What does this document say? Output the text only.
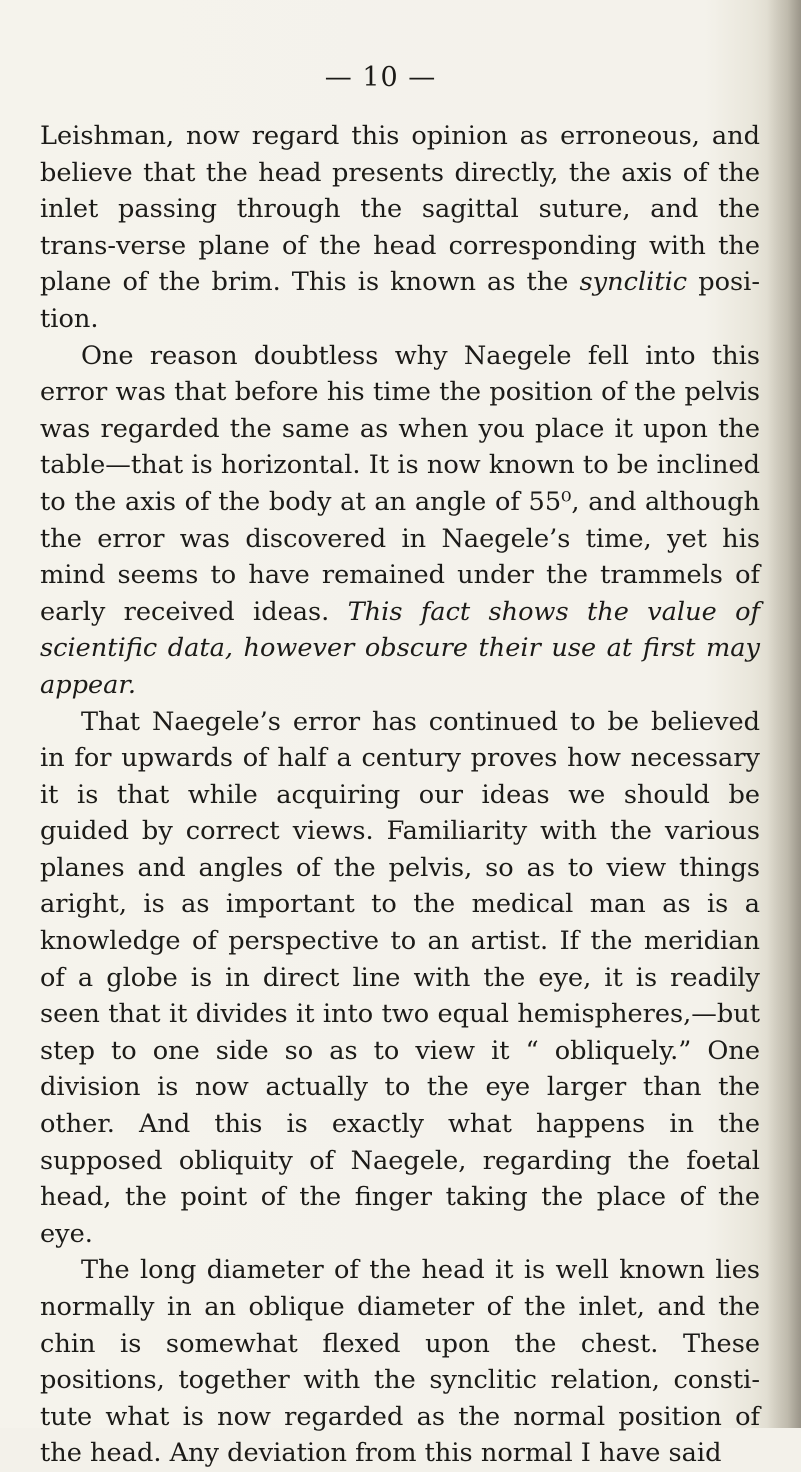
— 10 —

Leishman, now regard this opinion as erroneous, and believe that the head presents directly, the axis of the inlet passing through the sagittal suture, and the trans-verse plane of the head corresponding with the plane of the brim. This is known as the synclitic posi-tion.

One reason doubtless why Naegele fell into this error was that before his time the position of the pelvis was regarded the same as when you place it upon the table—that is horizontal. It is now known to be inclined to the axis of the body at an angle of 55⁰, and although the error was discovered in Naegele’s time, yet his mind seems to have remained under the trammels of early received ideas. This fact shows the value of scientific data, however obscure their use at first may appear.

That Naegele’s error has continued to be believed in for upwards of half a century proves how necessary it is that while acquiring our ideas we should be guided by correct views. Familiarity with the various planes and angles of the pelvis, so as to view things aright, is as important to the medical man as is a knowledge of perspective to an artist. If the meridian of a globe is in direct line with the eye, it is readily seen that it divides it into two equal hemispheres,—but step to one side so as to view it “ obliquely.” One division is now actually to the eye larger than the other. And this is exactly what happens in the supposed obliquity of Naegele, regarding the foetal head, the point of the finger taking the place of the eye.

The long diameter of the head it is well known lies normally in an oblique diameter of the inlet, and the chin is somewhat flexed upon the chest. These positions, together with the synclitic relation, consti-tute what is now regarded as the normal position of the head. Any deviation from this normal I have said
